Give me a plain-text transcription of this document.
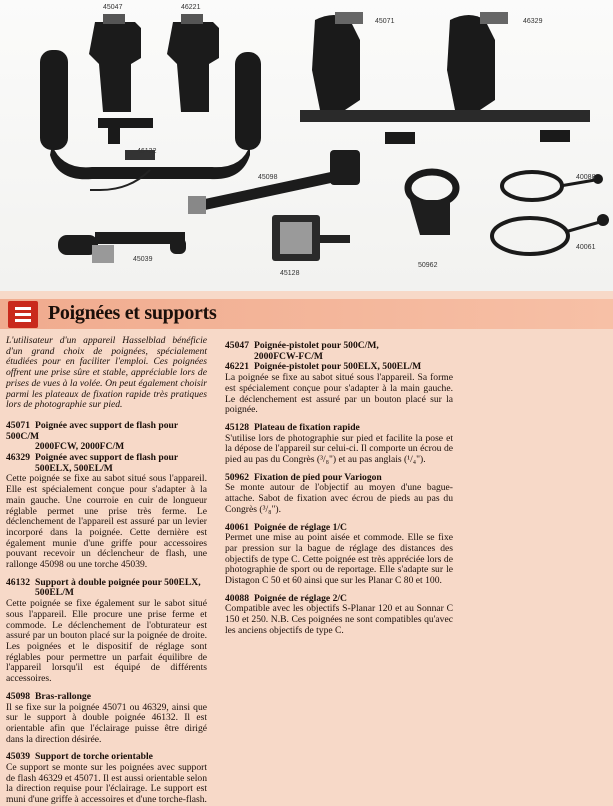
45047	46221
45071	46329
46132
45098	40088
45039
45128
50962
40061
Poignées et supports

L'utilisateur d'un appareil Hasselblad bénéficie d'un grand choix de poignées, spécialement étudiées pour en faciliter l'emploi. Ces poignées offrent une prise sûre et stable, appréciable lors de prises de vues à la volée. On peut également choisir parmi les plateaux de fixation rapide très pratiques lors de photographie sur pied.

45071 Poignée avec support de flash pour 500C/M
2000FCW, 2000FC/M
46329 Poignée avec support de flash pour
500ELX, 500EL/M

Cette poignée se fixe au sabot situé sous l'appareil. Elle est spécialement conçue pour s'adapter à la main gauche. Une courroie en cuir de longueur réglable permet une prise très ferme. Le déclenchement de l'appareil est assuré par un levier incorporé dans la poignée. Cette dernière est également munie d'une griffe pour accessoires pouvant recevoir un déclencheur de flash, une rallonge 45098 ou une torche 45039.

46132 Support à double poignée pour 500ELX,
500EL/M

Cette poignée se fixe également sur le sabot situé sous l'appareil. Elle procure une prise ferme et commode. Le déclenchement de l'obturateur est assuré par un bouton placé sur la poignée de droite. Les poignées et le dispositif de réglage sont réglables pour permettre un parfait équilibre de l'appareil lorsqu'il est équipé de différents accessoires.

45098 Bras-rallonge

Il se fixe sur la poignée 45071 ou 46329, ainsi que sur le support à double poignée 46132. Il est orientable afin que l'éclairage puisse être dirigé dans la direction désirée.

45039 Support de torche orientable

Ce support se monte sur les poignées avec support de flash 46329 et 45071. Il est aussi orientable selon la direction requise pour l'éclairage. Le support est muni d'une griffe à accessoires et d'une torche-flash.

45047 Poignée-pistolet pour 500C/M,
2000FCW-FC/M
46221 Poignée-pistolet pour 500ELX, 500EL/M

La poignée se fixe au sabot situé sous l'appareil. Sa forme est spécialement conçue pour s'adapter à la main gauche. Le déclenchement est assuré par un bouton placé sur la poignée.

45128 Plateau de fixation rapide

S'utilise lors de photographie sur pied et facilite la pose et la dépose de l'appareil sur celui-ci. Il comporte un écrou de pied au pas du Congrès (³/₈") et au pas anglais (¹/₄").

50962 Fixation de pied pour Variogon

Se monte autour de l'objectif au moyen d'une bague-attache. Sabot de fixation avec écrou de pieds au pas du Congrès (³/₈").

40061 Poignée de réglage 1/C

Permet une mise au point aisée et commode. Elle se fixe par pression sur la bague de réglage des distances des objectifs de type C. Cette poignée est très appréciée lors de photographie de sport ou de reportage. Elle s'adapte sur le Distagon C 50 et 60 ainsi que sur les Planar C 80 et 100.

40088 Poignée de réglage 2/C

Compatible avec les objectifs S-Planar 120 et au Sonnar C 150 et 250. N.B. Ces poignées ne sont compatibles qu'avec les anciens objectifs de type C.
